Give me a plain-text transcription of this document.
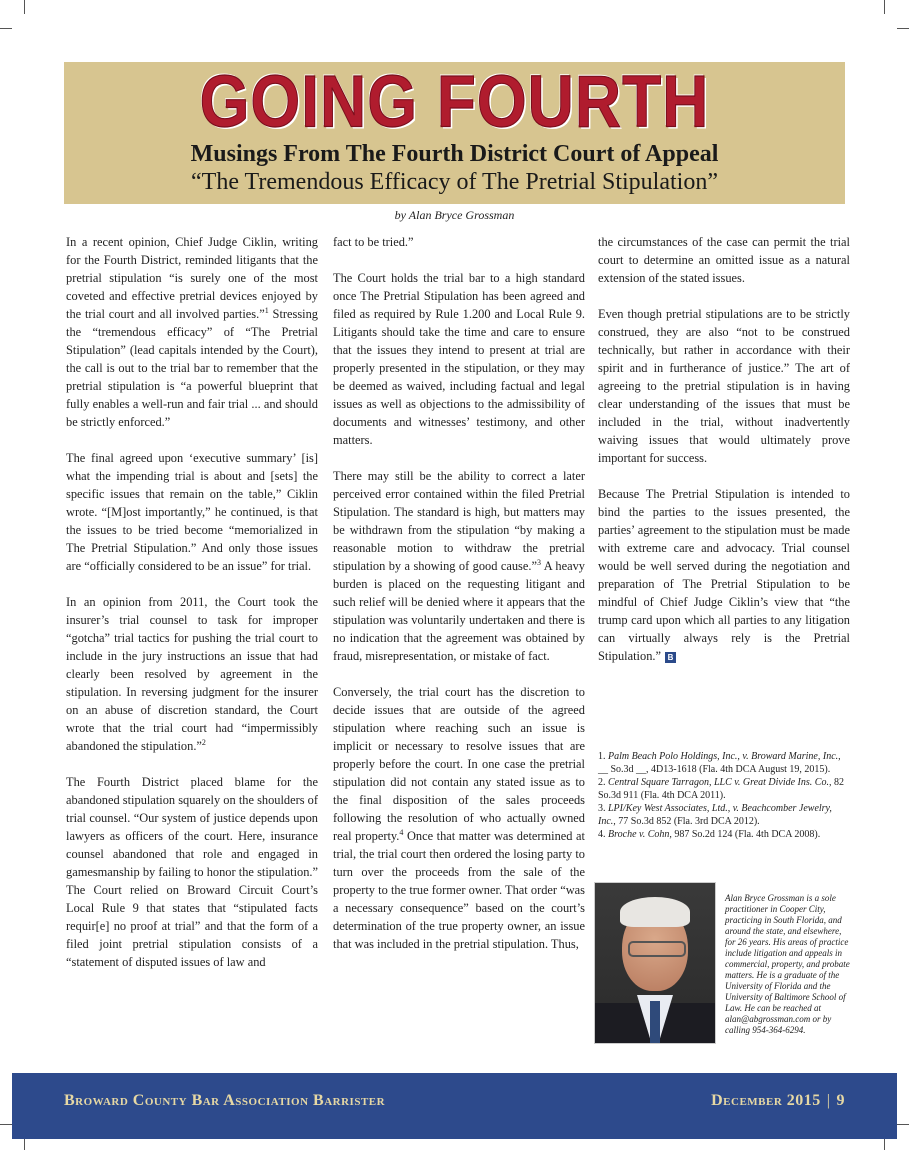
GOING FOURTH
Musings From The Fourth District Court of Appeal
“The Tremendous Efficacy of The Pretrial Stipulation”
by Alan Bryce Grossman

In a recent opinion, Chief Judge Ciklin, writing for the Fourth District, reminded litigants that the pretrial stipulation “is surely one of the most coveted and effective pretrial devices enjoyed by the trial court and all involved parties.”$^1$ Stressing the “tremendous efficacy” of “The Pretrial Stipulation” (lead capitals intended by the Court), the call is out to the trial bar to remember that the pretrial stipulation is “a powerful blueprint that fully enables a well-run and fair trial ... and should be strictly enforced.”

The final agreed upon ‘executive summary’ [is] what the impending trial is about and [sets] the specific issues that remain on the table,” Ciklin wrote. “[M]ost importantly,” he continued, is that the issues to be tried become “memorialized in The Pretrial Stipulation.” And only those issues are “officially considered to be an issue” for trial.

In an opinion from 2011, the Court took the insurer’s trial counsel to task for improper “gotcha” trial tactics for pushing the trial court to include in the jury instructions an issue that had clearly been resolved by agreement in the stipulation. In reversing judgment for the insurer on an abuse of discretion standard, the Court wrote that the trial court had “impermissibly abandoned the stipulation.”$^2$

The Fourth District placed blame for the abandoned stipulation squarely on the shoulders of trial counsel. “Our system of justice depends upon lawyers as officers of the court. Here, insurance counsel abandoned that role and engaged in gamesmanship by failing to honor the stipulation.” The Court relied on Broward Circuit Court’s Local Rule 9 that states that “stipulated facts requir[e] no proof at trial” and that the form of a filed joint pretrial stipulation consists of a “statement of disputed issues of law and

fact to be tried.”

The Court holds the trial bar to a high standard once The Pretrial Stipulation has been agreed and filed as required by Rule 1.200 and Local Rule 9. Litigants should take the time and care to ensure that the issues they intend to present at trial are properly presented in the stipulation, or they may be deemed as waived, including factual and legal issues as well as objections to the admissibility of documents and witnesses’ testimony, and other matters.

There may still be the ability to correct a later perceived error contained within the filed Pretrial Stipulation. The standard is high, but matters may be withdrawn from the stipulation “by making a reasonable motion to withdraw the pretrial stipulation by a showing of good cause.”$^3$ A heavy burden is placed on the requesting litigant and such relief will be denied where it appears that the stipulation was voluntarily undertaken and there is no indication that the agreement was obtained by fraud, misrepresentation, or mistake of fact.

Conversely, the trial court has the discretion to decide issues that are outside of the agreed stipulation where reaching such an issue is implicit or necessary to resolve issues that are properly before the court. In one case the pretrial stipulation did not contain any stated issue as to the final disposition of the sales proceeds following the resolution of who actually owned real property.$^4$ Once that matter was determined at trial, the trial court then ordered the losing party to turn over the proceeds from the sale of the property to the true former owner. That order “was a necessary consequence” based on the court’s determination of the true property owner, an issue that was included in the pretrial stipulation. Thus,

the circumstances of the case can permit the trial court to determine an omitted issue as a natural extension of the stated issues.

Even though pretrial stipulations are to be strictly construed, they are also “not to be construed technically, but rather in accordance with their spirit and in furtherance of justice.” The art of agreeing to the pretrial stipulation is in having clear understanding of the issues that must be included in the trial, without inadvertently waiving issues that would ultimately prove important for success.

Because The Pretrial Stipulation is intended to bind the parties to the issues presented, the parties’ agreement to the stipulation must be made with extreme care and advocacy. Trial counsel would be well served during the negotiation and preparation of The Pretrial Stipulation to be mindful of Chief Judge Ciklin’s view that “the trump card upon which all parties to any litigation can virtually always rely is the Pretrial Stipulation.” B

1. Palm Beach Polo Holdings, Inc., v. Broward Marine, Inc., __ So.3d __, 4D13-1618 (Fla. 4th DCA August 19, 2015).
2. Central Square Tarragon, LLC v. Great Divide Ins. Co., 82 So.3d 911 (Fla. 4th DCA 2011).
3. LPI/Key West Associates, Ltd., v. Beachcomber Jewelry, Inc., 77 So.3d 852 (Fla. 3rd DCA 2012).
4. Broche v. Cohn, 987 So.2d 124 (Fla. 4th DCA 2008).
Alan Bryce Grossman is a sole practitioner in Cooper City, practicing in South Florida, and around the state, and elsewhere, for 26 years. His areas of practice include litigation and appeals in commercial, property, and probate matters. He is a graduate of the University of Florida and the University of Baltimore School of Law. He can be reached at alan@abgrossman.com or by calling 954-364-6294.
Broward County Bar Association Barrister	December 2015 | 9
